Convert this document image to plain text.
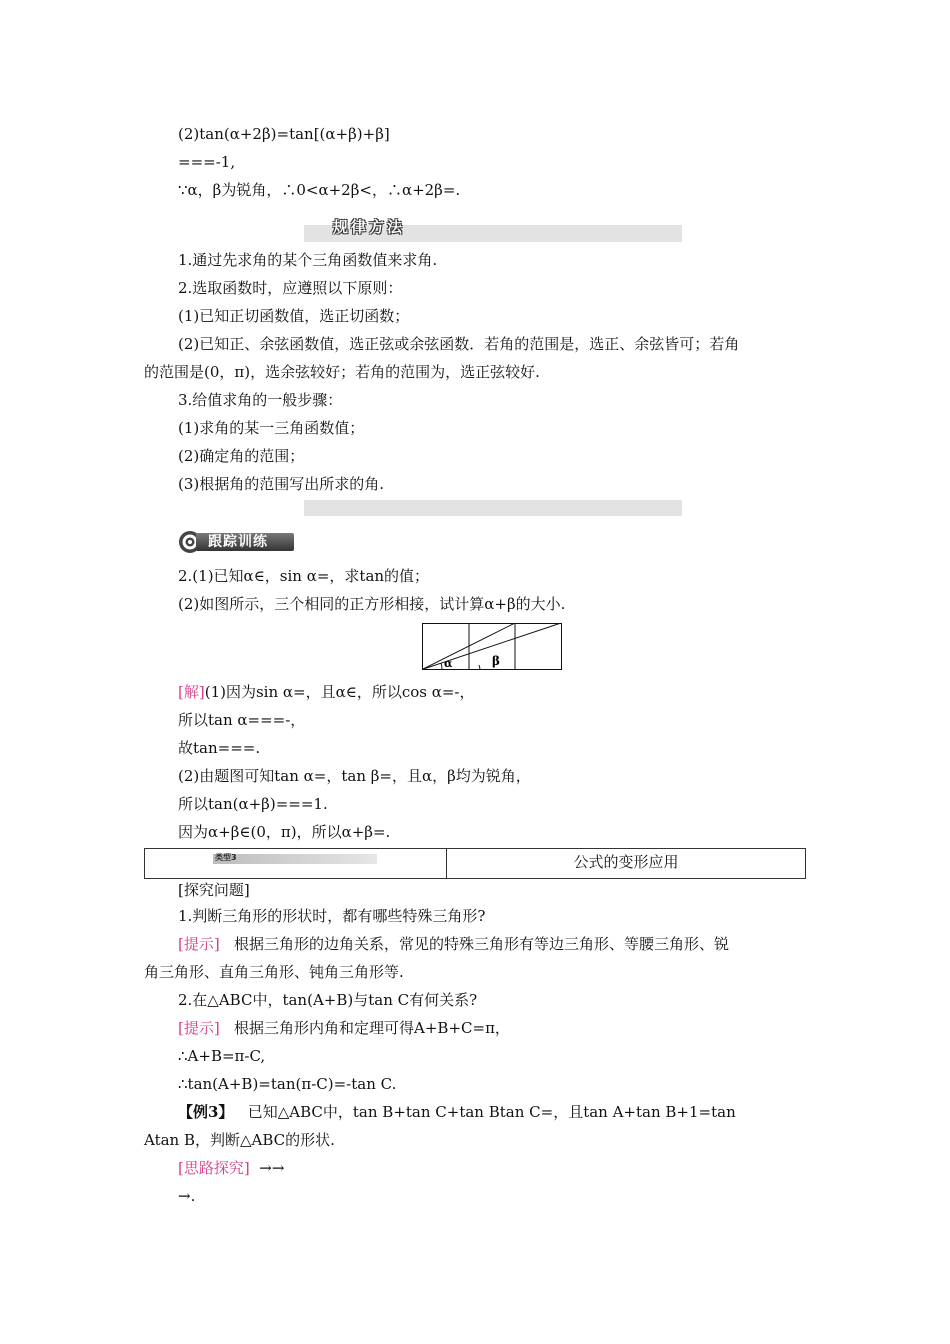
(2)tan(α+2β)=tan[(α+β)+β]
===-1,
∵α，β为锐角，∴0<α+2β<，∴α+2β=.
规律方法
1.通过先求角的某个三角函数值来求角.
2.选取函数时，应遵照以下原则：
(1)已知正切函数值，选正切函数；
(2)已知正、余弦函数值，选正弦或余弦函数．若角的范围是，选正、余弦皆可；若角
的范围是(0，π)，选余弦较好；若角的范围为，选正弦较好.
3.给值求角的一般步骤：
(1)求角的某一三角函数值；
(2)确定角的范围；
(3)根据角的范围写出所求的角.
跟踪训练
2.(1)已知α∈，sin α=，求tan的值；
(2)如图所示，三个相同的正方形相接，试计算α+β的大小.
α	β
[解](1)因为sin α=，且α∈，所以cos α=-，
所以tan α===-，
故tan===.
(2)由题图可知tan α=，tan β=，且α，β均为锐角，
所以tan(α+β)===1.
因为α+β∈(0，π)，所以α+β=.
类型3	公式的变形应用
[探究问题]
1.判断三角形的形状时，都有哪些特殊三角形?
[提示] 根据三角形的边角关系，常见的特殊三角形有等边三角形、等腰三角形、锐
角三角形、直角三角形、钝角三角形等.
2.在△ABC中，tan(A+B)与tan C有何关系?
[提示] 根据三角形内角和定理可得A+B+C=π，
∴A+B=π-C,
∴tan(A+B)=tan(π-C)=-tan C.
【例3】 已知△ABC中，tan B+tan C+tan Btan C=，且tan A+tan B+1=tan
Atan B，判断△ABC的形状.
[思路探究] →→
→.
